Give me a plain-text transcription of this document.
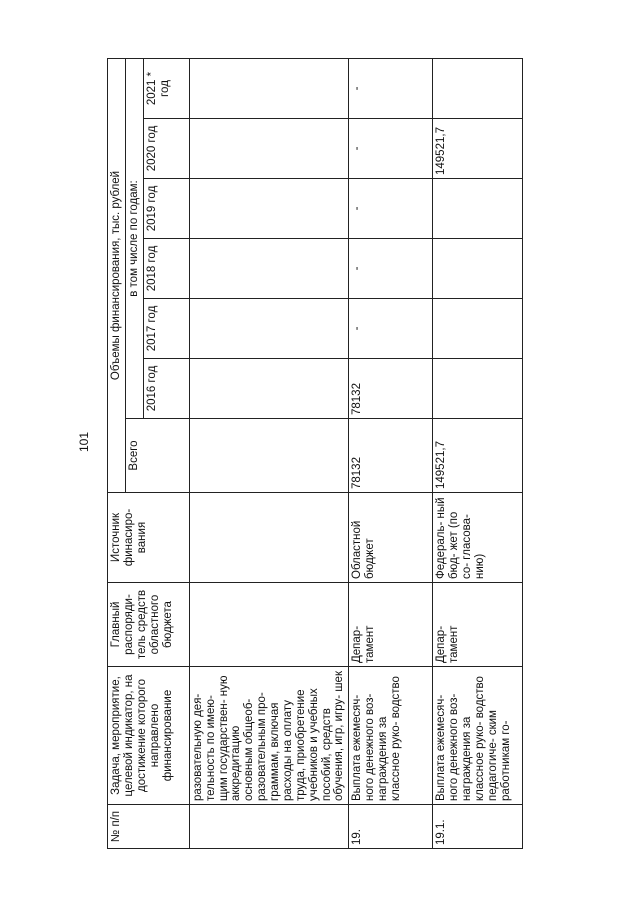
101
№ п/п	Задача, мероприятие, целевой индикатор, на достижение которого направлено финансирование	Главный распоряди- тель средств областного бюджета	Источник финасиро- вания	Объемы финансирования, тыс. рублей						
				Всего	в том числе по годам:					
					2016 год	2017 год	2018 год	2019 год	2020 год	2021 * год
	разовательную дея- тельность по имею- щим государствен- ную аккредитацию основным общеоб- разовательным про- граммам, включая расходы на оплату труда, приобретение учебников и учебных пособий, средств обучения, игр, игру- шек									
19.	Выплата ежемесяч- ного денежного воз- награждения за классное руко- водство	Депар- тамент	Областной бюджет	78132	78132	-	-	-	-	-
19.1.	Выплата ежемесяч- ного денежного воз- награждения за классное руко- водство педагогиче- ским работникам го-	Депар- тамент	Федераль- ный бюд- жет (по со- гласова- нию)	149521,7					149521,7	
